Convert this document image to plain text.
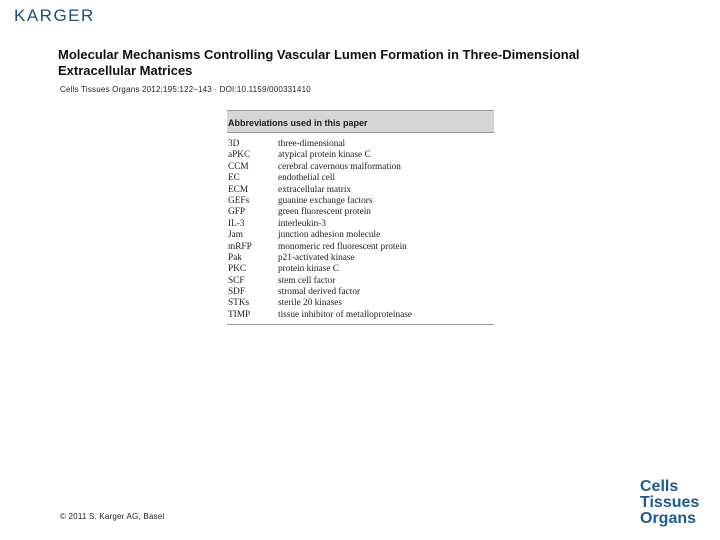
KARGER
Molecular Mechanisms Controlling Vascular Lumen Formation in Three-Dimensional
Extracellular Matrices
Cells Tissues Organs 2012;195:122–143 · DOI:10.1159/000331410
Abbreviations used in this paper
3D	three-dimensional
aPKC	atypical protein kinase C
CCM	cerebral cavernous malformation
EC	endothelial cell
ECM	extracellular matrix
GEFs	guanine exchange factors
GFP	green fluorescent protein
IL-3	interleukin-3
Jam	junction adhesion molecule
mRFP	monomeric red fluorescent protein
Pak	p21-activated kinase
PKC	protein kinase C
SCF	stem cell factor
SDF	stromal derived factor
STKs	sterile 20 kinases
TIMP	tissue inhibitor of metalloproteinase
© 2011 S. Karger AG, Basel
Cells
Tissues
Organs
